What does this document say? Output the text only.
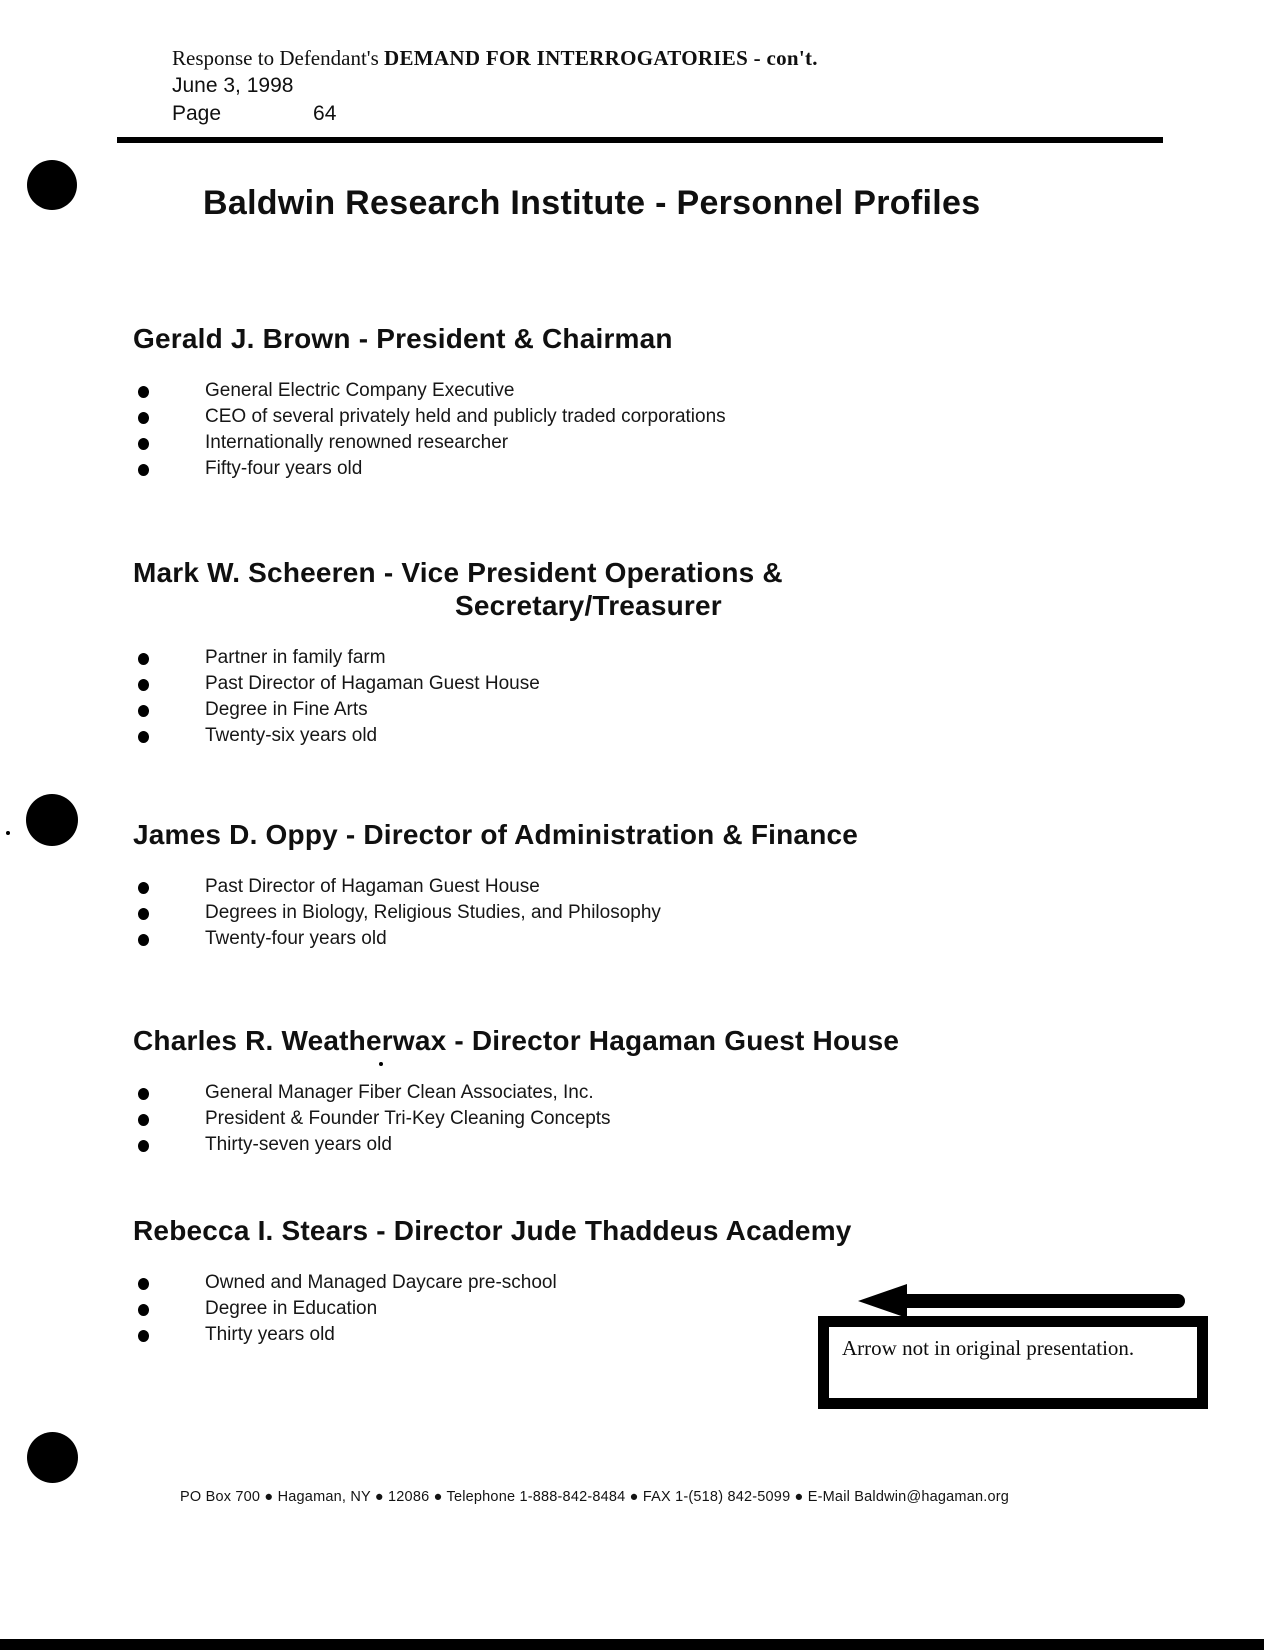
Response to Defendant's DEMAND FOR INTERROGATORIES - con't.
June 3, 1998
Page	64
Baldwin Research Institute - Personnel Profiles
Gerald J. Brown - President & Chairman
General Electric Company Executive
CEO of several privately held and publicly traded corporations
Internationally renowned researcher
Fifty-four years old
Mark W. Scheeren - Vice President Operations &
Secretary/Treasurer
Partner in family farm
Past Director of Hagaman Guest House
Degree in Fine Arts
Twenty-six years old
James D. Oppy - Director of Administration & Finance
Past Director of Hagaman Guest House
Degrees in Biology, Religious Studies, and Philosophy
Twenty-four years old
Charles R. Weatherwax - Director Hagaman Guest House
General Manager Fiber Clean Associates, Inc.
President & Founder Tri-Key Cleaning Concepts
Thirty-seven years old
Rebecca I. Stears - Director Jude Thaddeus Academy
Owned and Managed Daycare pre-school
Degree in Education
Thirty years old
Arrow not in original presentation.
PO Box 700 ● Hagaman, NY ● 12086 ● Telephone 1-888-842-8484 ● FAX 1-(518) 842-5099 ● E-Mail Baldwin@hagaman.org
